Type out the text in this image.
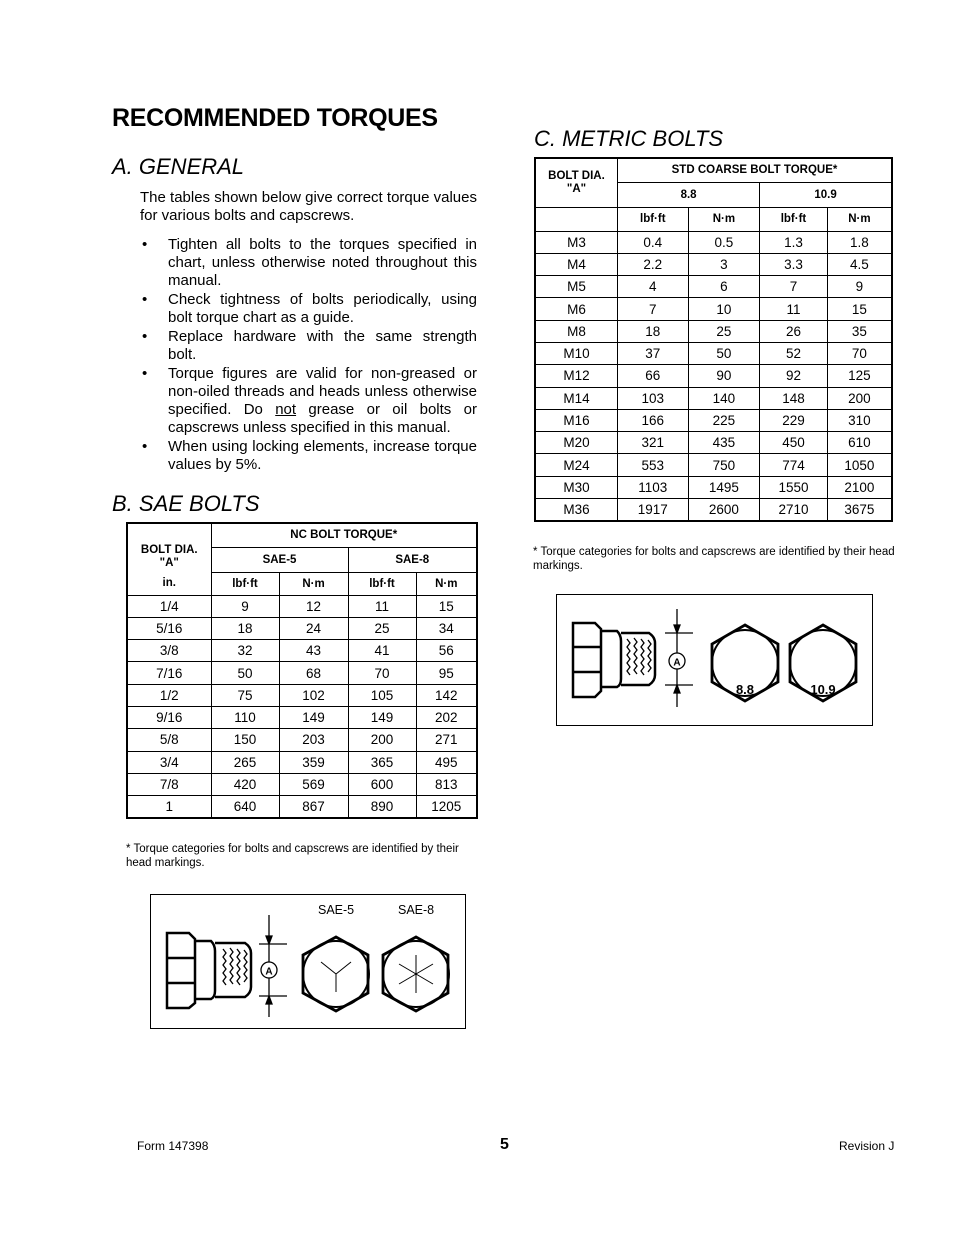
RECOMMENDED TORQUES
A. GENERAL

The tables shown below give correct torque values for various bolts and capscrews.

• Tighten all bolts to the torques specified in chart, unless otherwise noted throughout this manual.
• Check tightness of bolts periodically, using bolt torque chart as a guide.
• Replace hardware with the same strength bolt.
• Torque figures are valid for non-greased or non-oiled threads and heads unless otherwise specified. Do not grease or oil bolts or capscrews unless specified in this manual.
• When using locking elements, increase torque values by 5%.
B. SAE BOLTS
BOLT DIA.
"A"	NC BOLT TORQUE*			
	SAE-5		SAE-8	
in.	lbf·ft	N·m	lbf·ft	N·m
1/4	9	12	11	15
5/16	18	24	25	34
3/8	32	43	41	56
7/16	50	68	70	95
1/2	75	102	105	142
9/16	110	149	149	202
5/8	150	203	200	271
3/4	265	359	365	495
7/8	420	569	600	813
1	640	867	890	1205

* Torque categories for bolts and capscrews are identified by their head markings.

SAE-5	SAE-8
A
C. METRIC BOLTS
BOLT DIA.
"A"	STD COARSE BOLT TORQUE*			
	8.8		10.9	
	lbf·ft	N·m	lbf·ft	N·m
M3	0.4	0.5	1.3	1.8
M4	2.2	3	3.3	4.5
M5	4	6	7	9
M6	7	10	11	15
M8	18	25	26	35
M10	37	50	52	70
M12	66	90	92	125
M14	103	140	148	200
M16	166	225	229	310
M20	321	435	450	610
M24	553	750	774	1050
M30	1103	1495	1550	2100
M36	1917	2600	2710	3675

* Torque categories for bolts and capscrews are identified by their head markings.

A
8.8	10.9
Form 147398	5	Revision J
